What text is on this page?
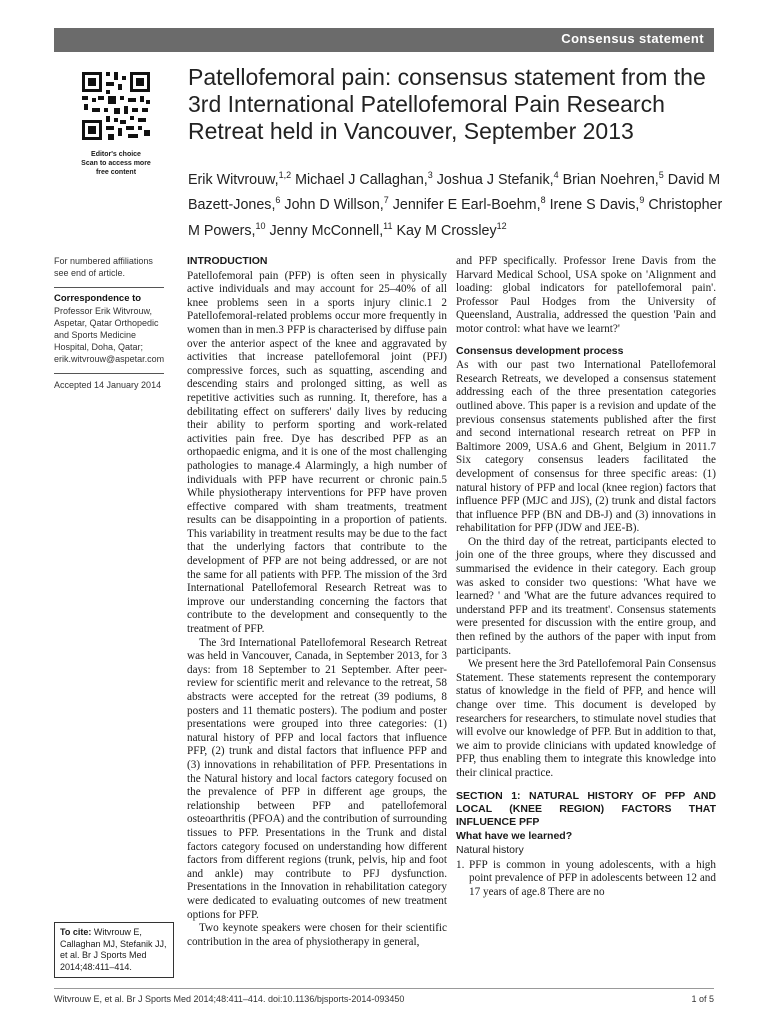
Consensus statement
Editor's choice
Scan to access more
free content
Patellofemoral pain: consensus statement from the 3rd International Patellofemoral Pain Research Retreat held in Vancouver, September 2013
Erik Witvrouw,$^{1,2}$ Michael J Callaghan,$^3$ Joshua J Stefanik,$^4$ Brian Noehren,$^5$ David M Bazett-Jones,$^6$ John D Willson,$^7$ Jennifer E Earl-Boehm,$^8$ Irene S Davis,$^9$ Christopher M Powers,$^{10}$ Jenny McConnell,$^{11}$ Kay M Crossley$^{12}$
For numbered affiliations see end of article.
Correspondence to
Professor Erik Witvrouw, Aspetar, Qatar Orthopedic and Sports Medicine Hospital, Doha, Qatar; erik.witvrouw@aspetar.com
Accepted 14 January 2014
To cite: Witvrouw E, Callaghan MJ, Stefanik JJ, et al. Br J Sports Med 2014;48:411–414.
INTRODUCTION

Patellofemoral pain (PFP) is often seen in physically active individuals and may account for 25–40% of all knee problems seen in a sports injury clinic.1 2 Patellofemoral-related problems occur more frequently in women than in men.3 PFP is characterised by diffuse pain over the anterior aspect of the knee and aggravated by activities that increase patellofemoral joint (PFJ) compressive forces, such as squatting, ascending and descending stairs and prolonged sitting, as well as repetitive activities such as running. It, therefore, has a debilitating effect on sufferers' daily lives by reducing their ability to perform sporting and work-related activities pain free. Dye has described PFP as an orthopaedic enigma, and it is one of the most challenging pathologies to manage.4 Alarmingly, a high number of individuals with PFP have recurrent or chronic pain.5 While physiotherapy interventions for PFP have proven effective compared with sham treatments, treatment results can be disappointing in a proportion of patients. This variability in treatment results may be due to the fact that the underlying factors that contribute to the development of PFP are not being addressed, or are not the same for all patients with PFP. The mission of the 3rd International Patellofemoral Research Retreat was to improve our understanding concerning the factors that contribute to the development and consequently to the treatment of PFP.

The 3rd International Patellofemoral Research Retreat was held in Vancouver, Canada, in September 2013, for 3 days: from 18 September to 21 September. After peer-review for scientific merit and relevance to the retreat, 58 abstracts were accepted for the retreat (39 podiums, 8 posters and 11 thematic posters). The podium and poster presentations were grouped into three categories: (1) natural history of PFP and local factors that influence PFP, (2) trunk and distal factors that influence PFP and (3) innovations in rehabilitation of PFP. Presentations in the Natural history and local factors category focused on the prevalence of PFP in different age groups, the relationship between PFP and patellofemoral osteoarthritis (PFOA) and the contribution of surrounding tissues to PFP. Presentations in the Trunk and distal factors category focused on understanding how different factors from different regions (trunk, pelvis, hip and foot and ankle) may contribute to PFJ dysfunction. Presentations in the Innovation in rehabilitation category were dedicated to evaluating outcomes of new treatment options for PFP.

Two keynote speakers were chosen for their scientific contribution in the area of physiotherapy in general,

and PFP specifically. Professor Irene Davis from the Harvard Medical School, USA spoke on 'Alignment and loading: global indicators for patellofemoral pain'. Professor Paul Hodges from the University of Queensland, Australia, addressed the question 'Pain and motor control: what have we learnt?'

Consensus development process

As with our past two International Patellofemoral Research Retreats, we developed a consensus statement addressing each of the three presentation categories outlined above. This paper is a revision and update of the previous consensus statements published after the first and second international research retreat on PFP in Baltimore 2009, USA.6 and Ghent, Belgium in 2011.7 Six category consensus leaders facilitated the development of consensus for three specific areas: (1) natural history of PFP and local (knee region) factors that influence PFP (MJC and JJS), (2) trunk and distal factors that influence PFP (BN and DB-J) and (3) innovations in rehabilitation for PFP (JDW and JEE-B).

On the third day of the retreat, participants elected to join one of the three groups, where they discussed and summarised the evidence in their category. Each group was asked to consider two questions: 'What have we learned? ' and 'What are the future advances required to understand PFP and its treatment'. Consensus statements were presented for discussion with the entire group, and then refined by the authors of the paper with input from participants.

We present here the 3rd Patellofemoral Pain Consensus Statement. These statements represent the contemporary status of knowledge in the field of PFP, and hence will change over time. This document is developed by researchers for researchers, to stimulate novel studies that will evolve our knowledge of PFP. But in addition to that, we aim to provide clinicians with updated knowledge of PFP, thus enabling them to integrate this knowledge into their clinical practice.

SECTION 1: NATURAL HISTORY OF PFP AND LOCAL (KNEE REGION) FACTORS THAT INFLUENCE PFP
What have we learned?
Natural history

1. PFP is common in young adolescents, with a high point prevalence of PFP in adolescents between 12 and 17 years of age.8 There are no

Witvrouw E, et al. Br J Sports Med 2014;48:411–414. doi:10.1136/bjsports-2014-093450	1 of 5
